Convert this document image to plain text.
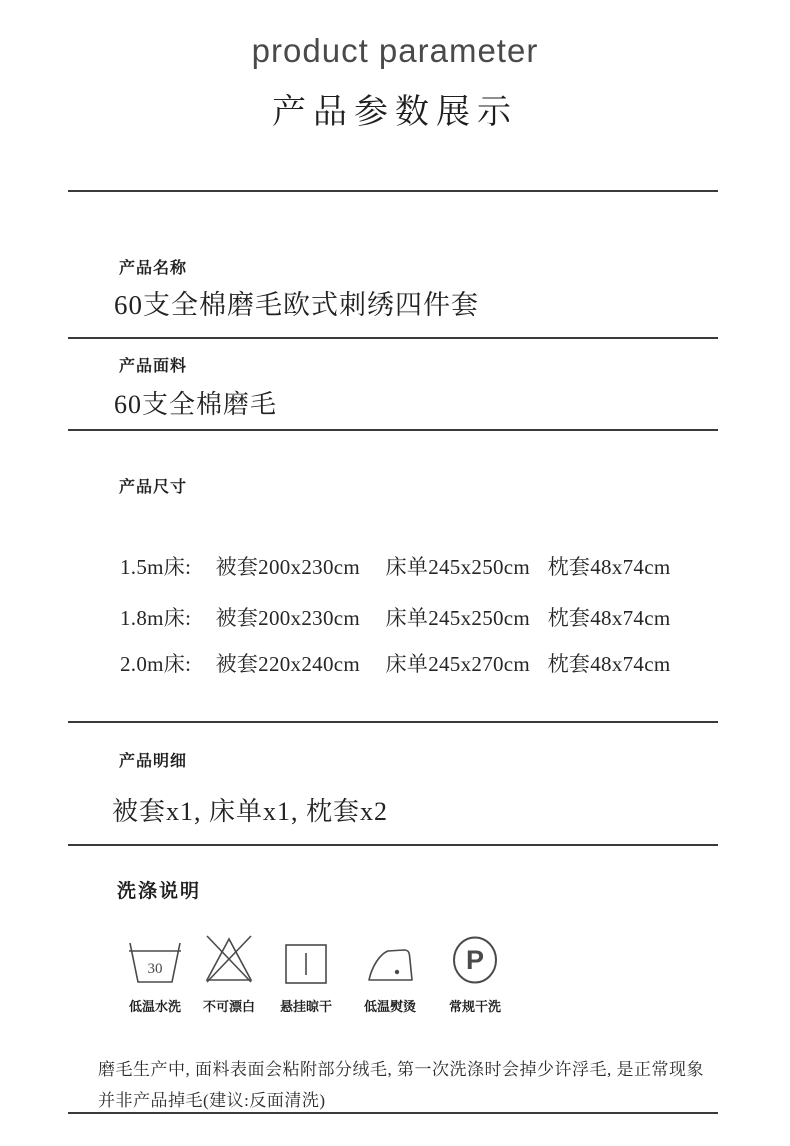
product parameter
产品参数展示
产品名称
60支全棉磨毛欧式刺绣四件套
产品面料
60支全棉磨毛
产品尺寸
1.5m床: 被套200x230cm 床单245x250cm 枕套48x74cm
1.8m床: 被套200x230cm 床单245x250cm 枕套48x74cm
2.0m床: 被套220x240cm 床单245x270cm 枕套48x74cm
产品明细
被套x1, 床单x1, 枕套x2
洗涤说明
30
低温水洗	不可漂白	悬挂晾干	低温熨烫
P
常规干洗
磨毛生产中, 面料表面会粘附部分绒毛, 第一次洗涤时会掉少许浮毛, 是正常现象
并非产品掉毛(建议:反面清洗)
